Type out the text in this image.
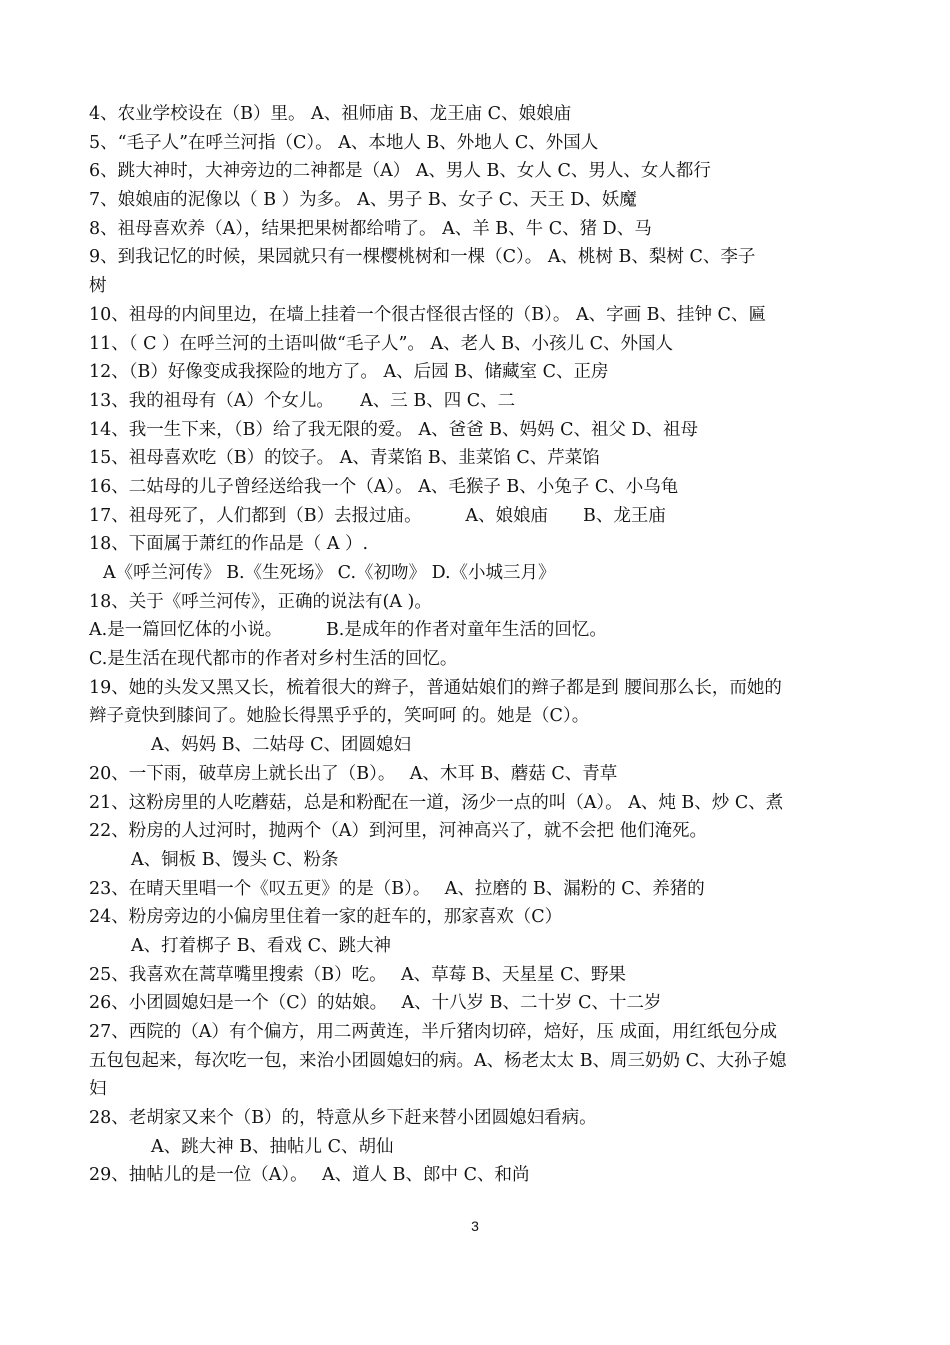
4、农业学校设在（B）里。 A、祖师庙 B、龙王庙 C、娘娘庙
5、“毛子人”在呼兰河指（C）。 A、本地人 B、外地人 C、外国人
6、跳大神时，大神旁边的二神都是（A） A、男人 B、女人 C、男人、女人都行
7、娘娘庙的泥像以（ B ）为多。 A、男子 B、女子 C、天王 D、妖魔
8、祖母喜欢养（A），结果把果树都给啃了。 A、羊 B、牛 C、猪 D、马
9、到我记忆的时候，果园就只有一棵樱桃树和一棵（C）。 A、桃树 B、梨树 C、李子
树
10、祖母的内间里边，在墙上挂着一个很古怪很古怪的（B）。 A、字画 B、挂钟 C、匾
11、（ C ）在呼兰河的土语叫做“毛子人”。 A、老人 B、小孩儿 C、外国人
12、（B）好像变成我探险的地方了。 A、后园 B、储藏室 C、正房
13、我的祖母有（A）个女儿。　　A、三 B、四 C、二
14、我一生下来，（B）给了我无限的爱。 A、爸爸 B、妈妈 C、祖父 D、祖母
15、祖母喜欢吃（B）的饺子。 A、青菜馅 B、韭菜馅 C、芹菜馅
16、二姑母的儿子曾经送给我一个（A）。 A、毛猴子 B、小兔子 C、小乌龟
17、祖母死了，人们都到（B）去报过庙。　　　A、娘娘庙　　B、龙王庙
18、下面属于萧红的作品是（ A ）.
A《呼兰河传》 B.《生死场》 C.《初吻》 D.《小城三月》
18、关于《呼兰河传》，正确的说法有(A )。
A.是一篇回忆体的小说。　　　B.是成年的作者对童年生活的回忆。
C.是生活在现代都市的作者对乡村生活的回忆。
19、她的头发又黑又长，梳着很大的辫子，普通姑娘们的辫子都是到 腰间那么长，而她的
辫子竟快到膝间了。她脸长得黑乎乎的，笑呵呵 的。她是（C）。
A、妈妈 B、二姑母 C、团圆媳妇
20、一下雨，破草房上就长出了（B）。　 A、木耳 B、蘑菇 C、青草
21、这粉房里的人吃蘑菇，总是和粉配在一道，汤少一点的叫（A）。 A、炖 B、炒 C、煮
22、粉房的人过河时，抛两个（A）到河里，河神高兴了，就不会把 他们淹死。
A、铜板 B、馒头 C、粉条
23、在晴天里唱一个《叹五更》的是（B）。　 A、拉磨的 B、漏粉的 C、养猪的
24、粉房旁边的小偏房里住着一家的赶车的，那家喜欢（C）
A、打着梆子 B、看戏 C、跳大神
25、我喜欢在蒿草嘴里搜索（B）吃。　 A、草莓 B、天星星 C、野果
26、小团圆媳妇是一个（C）的姑娘。　 A、十八岁 B、二十岁 C、十二岁
27、西院的（A）有个偏方，用二两黄连，半斤猪肉切碎，焙好，压 成面，用红纸包分成
五包包起来，每次吃一包，来治小团圆媳妇的病。A、杨老太太 B、周三奶奶 C、大孙子媳
妇
28、老胡家又来个（B）的，特意从乡下赶来替小团圆媳妇看病。
A、跳大神 B、抽帖儿 C、胡仙
29、抽帖儿的是一位（A）。　 A、道人 B、郎中 C、和尚
3
